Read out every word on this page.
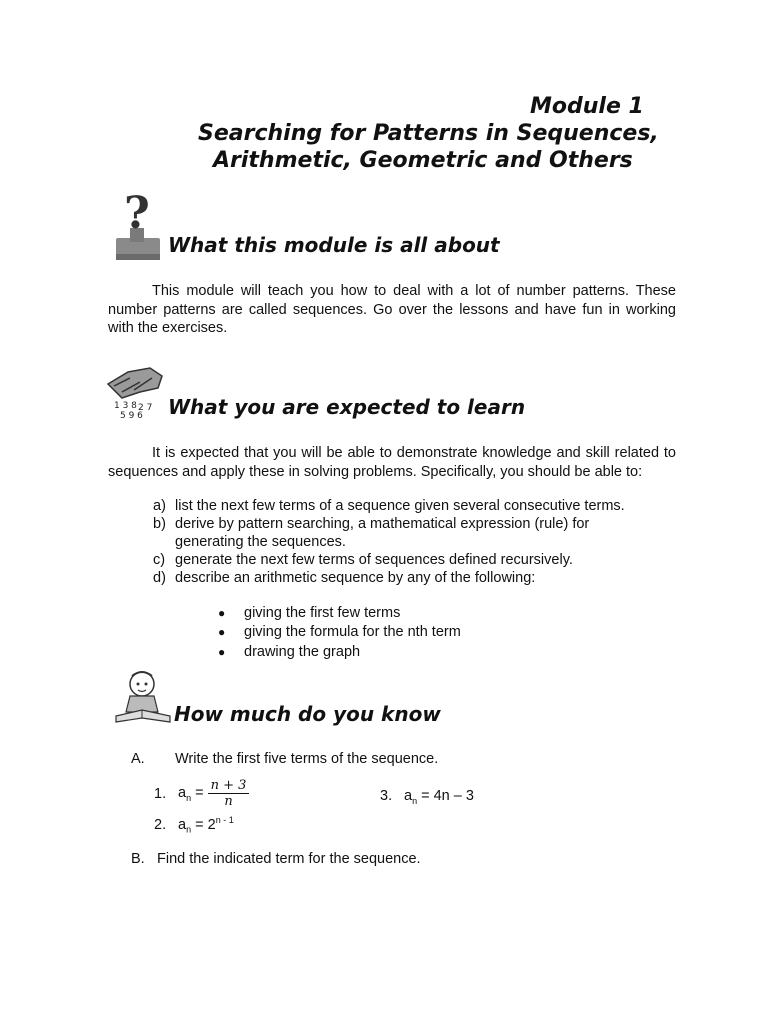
Module 1
Searching for Patterns in Sequences,
Arithmetic, Geometric and Others
?
What this module is all about

This module will teach you how to deal with a lot of number patterns. These number patterns are called sequences. Go over the lessons and have fun in working with the exercises.

1 3 8
5 9 6
2 7 What you are expected to learn

It is expected that you will be able to demonstrate knowledge and skill related to sequences and apply these in solving problems. Specifically, you should be able to:

a) list the next few terms of a sequence given several consecutive terms.
b) derive by pattern searching, a mathematical expression (rule) for
generating the sequences.
c) generate the next few terms of sequences defined recursively.
d) describe an arithmetic sequence by any of the following:
● giving the first few terms
● giving the formula for the nth term
● drawing the graph
How much do you know
A. Write the first five terms of the sequence.
1. $a_n = \frac{n + 3}{n}$	3. $a_n = 4n - 3$
2. $a_n = 2^{n - 1}$
B. Find the indicated term for the sequence.
